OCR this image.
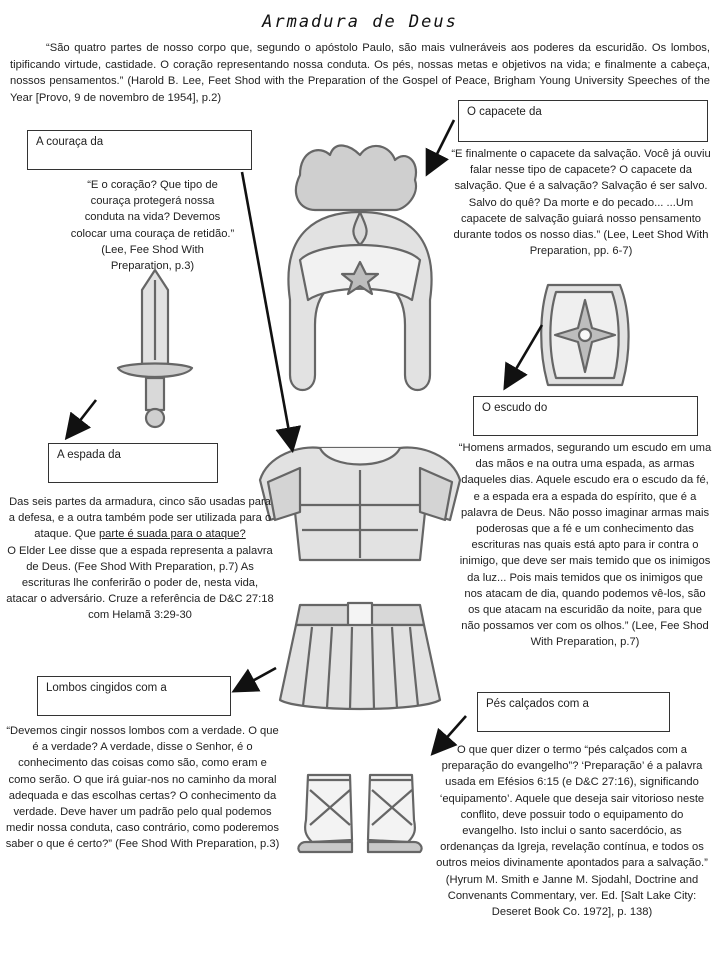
Armadura de Deus
“São quatro partes de nosso corpo que, segundo o apóstolo Paulo, são mais vulneráveis aos poderes da escuridão. Os lombos, tipificando virtude, castidade. O coração representando nossa conduta. Os pés, nossas metas e objetivos na vida; e finalmente a cabeça, nossos pensamentos.” (Harold B. Lee, Feet Shod with the Preparation of the Gospel of Peace, Brigham Young University Speeches of the Year [Provo, 9 de novembro de 1954], p.2)
O capacete da
“E finalmente o capacete da salvação. Você já ouviu falar nesse tipo de capacete? O capacete da salvação. Que é a salvação? Salvação é ser salvo. Salvo do quê? Da morte e do pecado... ...Um capacete de salvação guiará nosso pensamento durante todos os nosso dias.” (Lee, Leet Shod With Preparation, pp. 6-7)
A couraça da
“E o coração? Que tipo de couraça protegerá nossa conduta na vida? Devemos colocar uma couraça de retidão.” (Lee, Fee Shod With Preparation, p.3)
A espada da
Das seis partes da armadura, cinco são usadas para a defesa, e a outra também pode ser utilizada para o ataque. Que parte é suada para o ataque?
O Elder Lee disse que a espada representa a palavra de Deus. (Fee Shod With Preparation, p.7) As escrituras lhe conferirão o poder de, nesta vida, atacar o adversário. Cruze a referência de D&C 27:18 com Helamã 3:29-30
O escudo do
“Homens armados, segurando um escudo em uma das mãos e na outra uma espada, as armas daqueles dias. Aquele escudo era o escudo da fé, e a espada era a espada do espírito, que é a palavra de Deus. Não posso imaginar armas mais poderosas que a fé e um conhecimento das escrituras nas quais está apto para ir contra o inimigo, que deve ser mais temido que os inimigos da luz... Pois mais temidos que os inimigos que nos atacam de dia, quando podemos vê-los, são os que atacam na escuridão da noite, para que não possamos ver com os olhos.” (Lee, Fee Shod With Preparation, p.7)
Lombos cingidos com a
“Devemos cingir nossos lombos com a verdade. O que é a verdade? A verdade, disse o Senhor, é o conhecimento das coisas como são, como eram e como serão. O que irá guiar-nos no caminho da moral adequada e das escolhas certas? O conhecimento da verdade. Deve haver um padrão pelo qual podemos medir nossa conduta, caso contrário, como poderemos saber o que é certo?” (Fee Shod With Preparation, p.3)
Pés calçados com a
O que quer dizer o termo “pés calçados com a preparação do evangelho”? ‘Preparação’ é a palavra usada em Efésios 6:15 (e D&C 27:16), significando ‘equipamento’. Aquele que deseja sair vitorioso neste conflito, deve possuir todo o equipamento do evangelho. Isto inclui o santo sacerdócio, as ordenanças da Igreja, revelação contínua, e todos os outros meios divinamente apontados para a salvação.” (Hyrum M. Smith e Janne M. Sjodahl, Doctrine and Convenants Commentary, ver. Ed. [Salt Lake City: Deseret Book Co. 1972], p. 138)
